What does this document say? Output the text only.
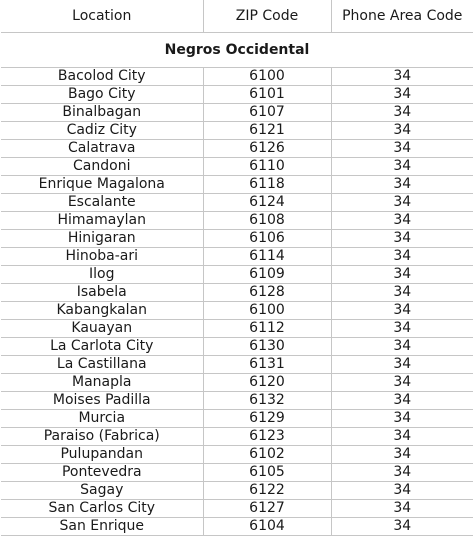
Location	ZIP Code	Phone Area Code
Negros Occidental		
Bacolod City	6100	34
Bago City	6101	34
Binalbagan	6107	34
Cadiz City	6121	34
Calatrava	6126	34
Candoni	6110	34
Enrique Magalona	6118	34
Escalante	6124	34
Himamaylan	6108	34
Hinigaran	6106	34
Hinoba-ari	6114	34
Ilog	6109	34
Isabela	6128	34
Kabangkalan	6100	34
Kauayan	6112	34
La Carlota City	6130	34
La Castillana	6131	34
Manapla	6120	34
Moises Padilla	6132	34
Murcia	6129	34
Paraiso (Fabrica)	6123	34
Pulupandan	6102	34
Pontevedra	6105	34
Sagay	6122	34
San Carlos City	6127	34
San Enrique	6104	34
